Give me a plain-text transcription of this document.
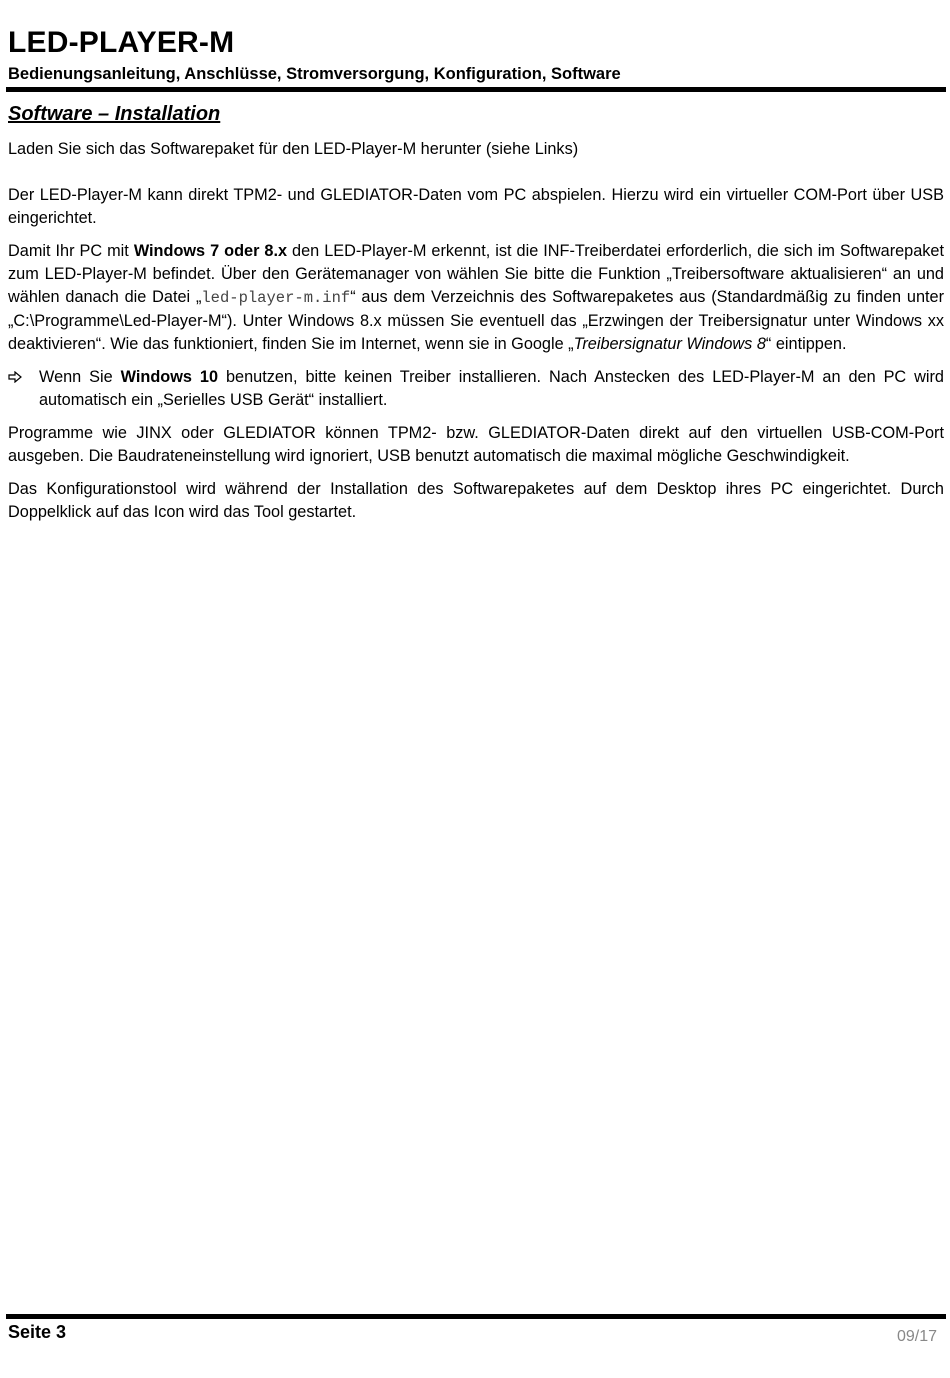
LED-PLAYER-M
Bedienungsanleitung, Anschlüsse, Stromversorgung, Konfiguration, Software
Software – Installation

Laden Sie sich das Softwarepaket für den LED-Player-M herunter (siehe Links)

Der LED-Player-M kann direkt TPM2- und GLEDIATOR-Daten vom PC abspielen. Hierzu wird ein virtueller COM-Port über USB eingerichtet.

Damit Ihr PC mit Windows 7 oder 8.x den LED-Player-M erkennt, ist die INF-Treiberdatei erforderlich, die sich im Softwarepaket zum LED-Player-M befindet. Über den Gerätemanager von wählen Sie bitte die Funktion „Treibersoftware aktualisieren“ an und wählen danach die Datei „led-player-m.inf“ aus dem Verzeichnis des Softwarepaketes aus (Standardmäßig zu finden unter „C:\Programme\Led-Player-M“). Unter Windows 8.x müssen Sie eventuell das „Erzwingen der Treibersignatur unter Windows xx deaktivieren“. Wie das funktioniert, finden Sie im Internet, wenn sie in Google „Treibersignatur Windows 8“ eintippen.

Wenn Sie Windows 10 benutzen, bitte keinen Treiber installieren. Nach Anstecken des LED-Player-M an den PC wird automatisch ein „Serielles USB Gerät“ installiert.

Programme wie JINX oder GLEDIATOR können TPM2- bzw. GLEDIATOR-Daten direkt auf den virtuellen USB-COM-Port ausgeben. Die Baudrateneinstellung wird ignoriert, USB benutzt automatisch die maximal mögliche Geschwindigkeit.

Das Konfigurationstool wird während der Installation des Softwarepaketes auf dem Desktop ihres PC eingerichtet. Durch Doppelklick auf das Icon wird das Tool gestartet.

Seite 3	09/17
